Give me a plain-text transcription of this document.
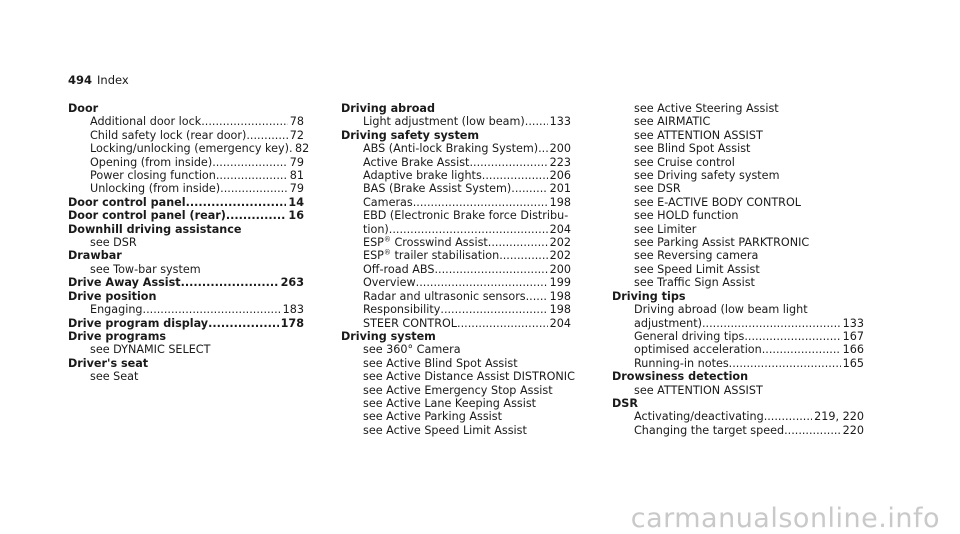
494 Index
Door
Additional door lock .....	78
Child safety lock (rear door) .....	72
Locking/unlocking (emergency key) ..... 82
Opening (from inside) .....	79
Power closing function .....	81
Unlocking (from inside) .....	79
Door control panel .....	14
Door control panel (rear) .....	16
Downhill driving assistance
see DSR
Drawbar
see Tow-bar system
Drive Away Assist .....	263
Drive position
Engaging .....	183
Drive program display .....	178
Drive programs
see DYNAMIC SELECT
Driver's seat
see Seat
Driving abroad
Light adjustment (low beam) ..... 133
Driving safety system
ABS (Anti-lock Braking System) ..... 200
Active Brake Assist .....	223
Adaptive brake lights .....	206
BAS (Brake Assist System) .....	201
Cameras .....	198
EBD (Electronic Brake force Distribu-
tion) .....	204
ESP® Crosswind Assist .....	202
ESP® trailer stabilisation .....	202
Off-road ABS .....	200
Overview .....	199
Radar and ultrasonic sensors ..... 198
Responsibility .....	198
STEER CONTROL .....	204
Driving system
see 360° Camera
see Active Blind Spot Assist
see Active Distance Assist DISTRONIC
see Active Emergency Stop Assist
see Active Lane Keeping Assist
see Active Parking Assist
see Active Speed Limit Assist
see Active Steering Assist
see AIRMATIC
see ATTENTION ASSIST
see Blind Spot Assist
see Cruise control
see Driving safety system
see DSR
see E-ACTIVE BODY CONTROL
see HOLD function
see Limiter
see Parking Assist PARKTRONIC
see Reversing camera
see Speed Limit Assist
see Traffic Sign Assist
Driving tips
Driving abroad (low beam light
adjustment) .....	133
General driving tips .....	167
optimised acceleration .....	166
Running-in notes .....	165
Drowsiness detection
see ATTENTION ASSIST
DSR
Activating/deactivating .....	219, 220
Changing the target speed .....	220
carmanualsonline.info
